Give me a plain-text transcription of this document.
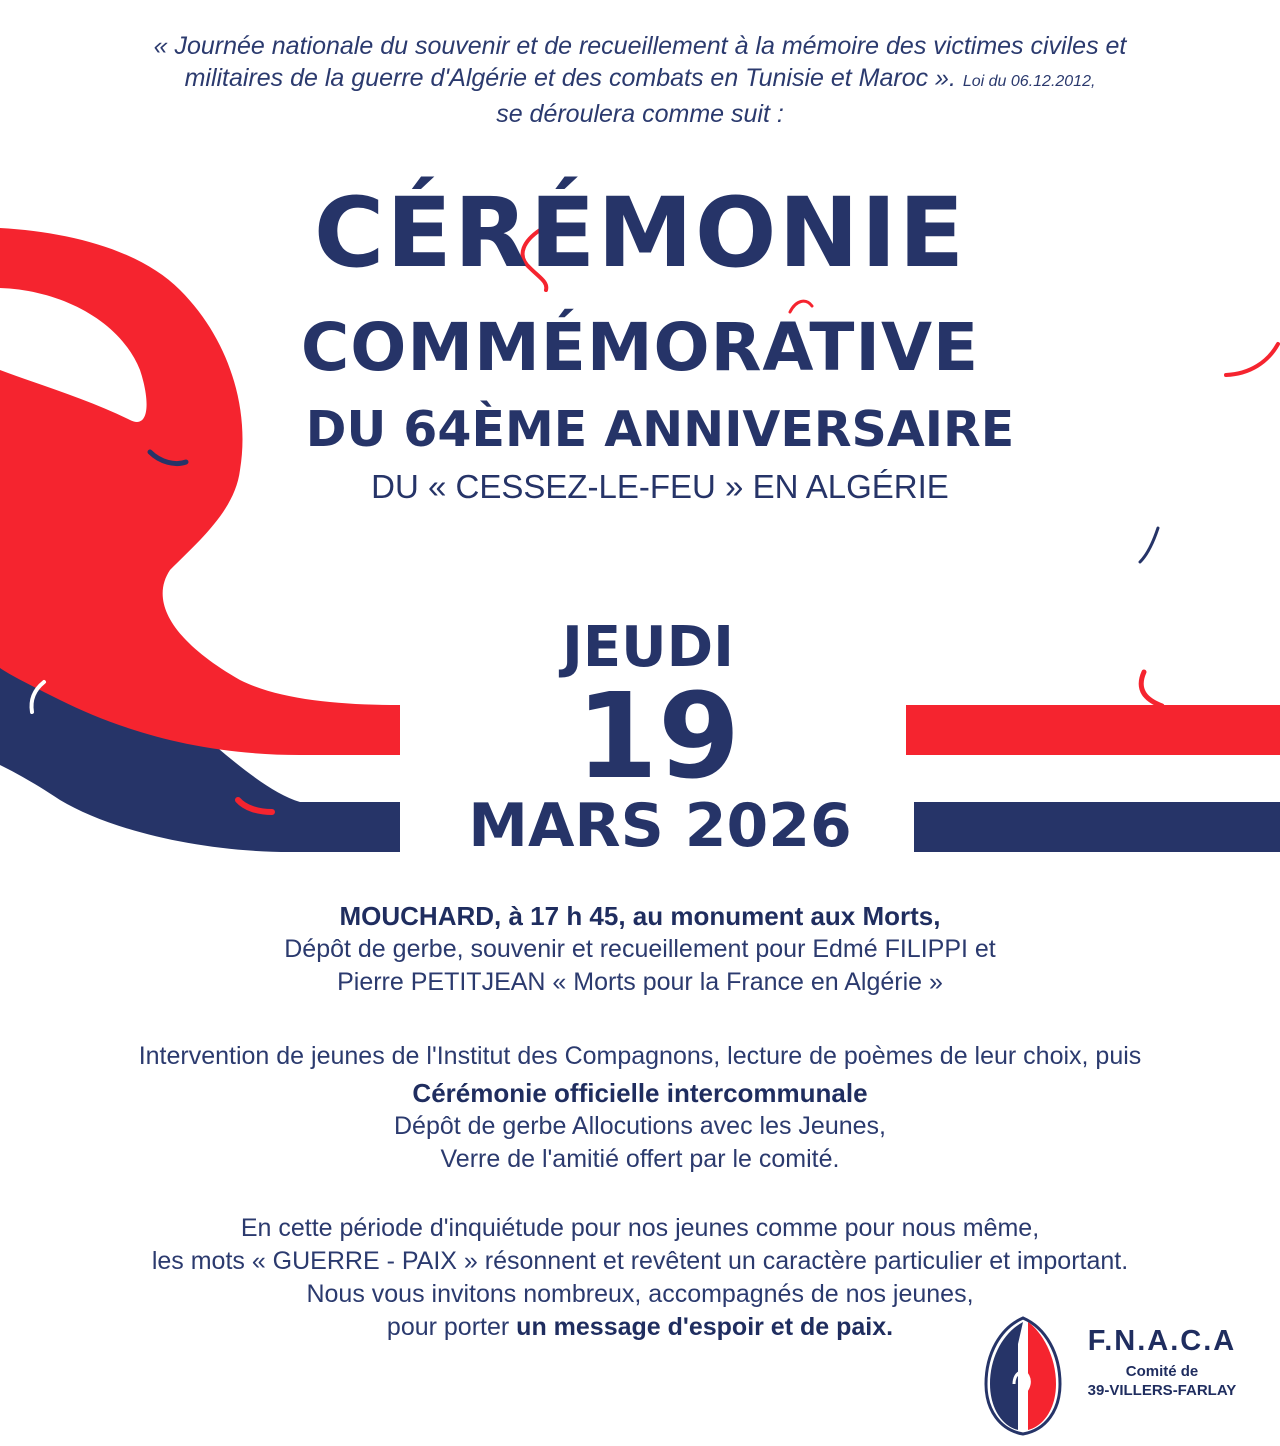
« Journée nationale du souvenir et de recueillement à la mémoire des victimes civiles et
militaires de la guerre d'Algérie et des combats en Tunisie et Maroc ». Loi du 06.12.2012,
se déroulera comme suit :
CÉRÉMONIE
COMMÉMORATIVE
DU 64ÈME ANNIVERSAIRE
DU « CESSEZ-LE-FEU » EN ALGÉRIE
JEUDI
19
MARS 2026
MOUCHARD, à 17 h 45, au monument aux Morts,
Dépôt de gerbe, souvenir et recueillement pour Edmé FILIPPI et
Pierre PETITJEAN « Morts pour la France en Algérie »
Intervention de jeunes de l'Institut des Compagnons, lecture de poèmes de leur choix, puis
Cérémonie officielle intercommunale
Dépôt de gerbe Allocutions avec les Jeunes,
Verre de l'amitié offert par le comité.
En cette période d'inquiétude pour nos jeunes comme pour nous même,
les mots « GUERRE - PAIX » résonnent et revêtent un caractère particulier et important.
Nous vous invitons nombreux, accompagnés de nos jeunes,
pour porter un message d'espoir et de paix.	F.N.A.C.A
Comité de
39-VILLERS-FARLAY
